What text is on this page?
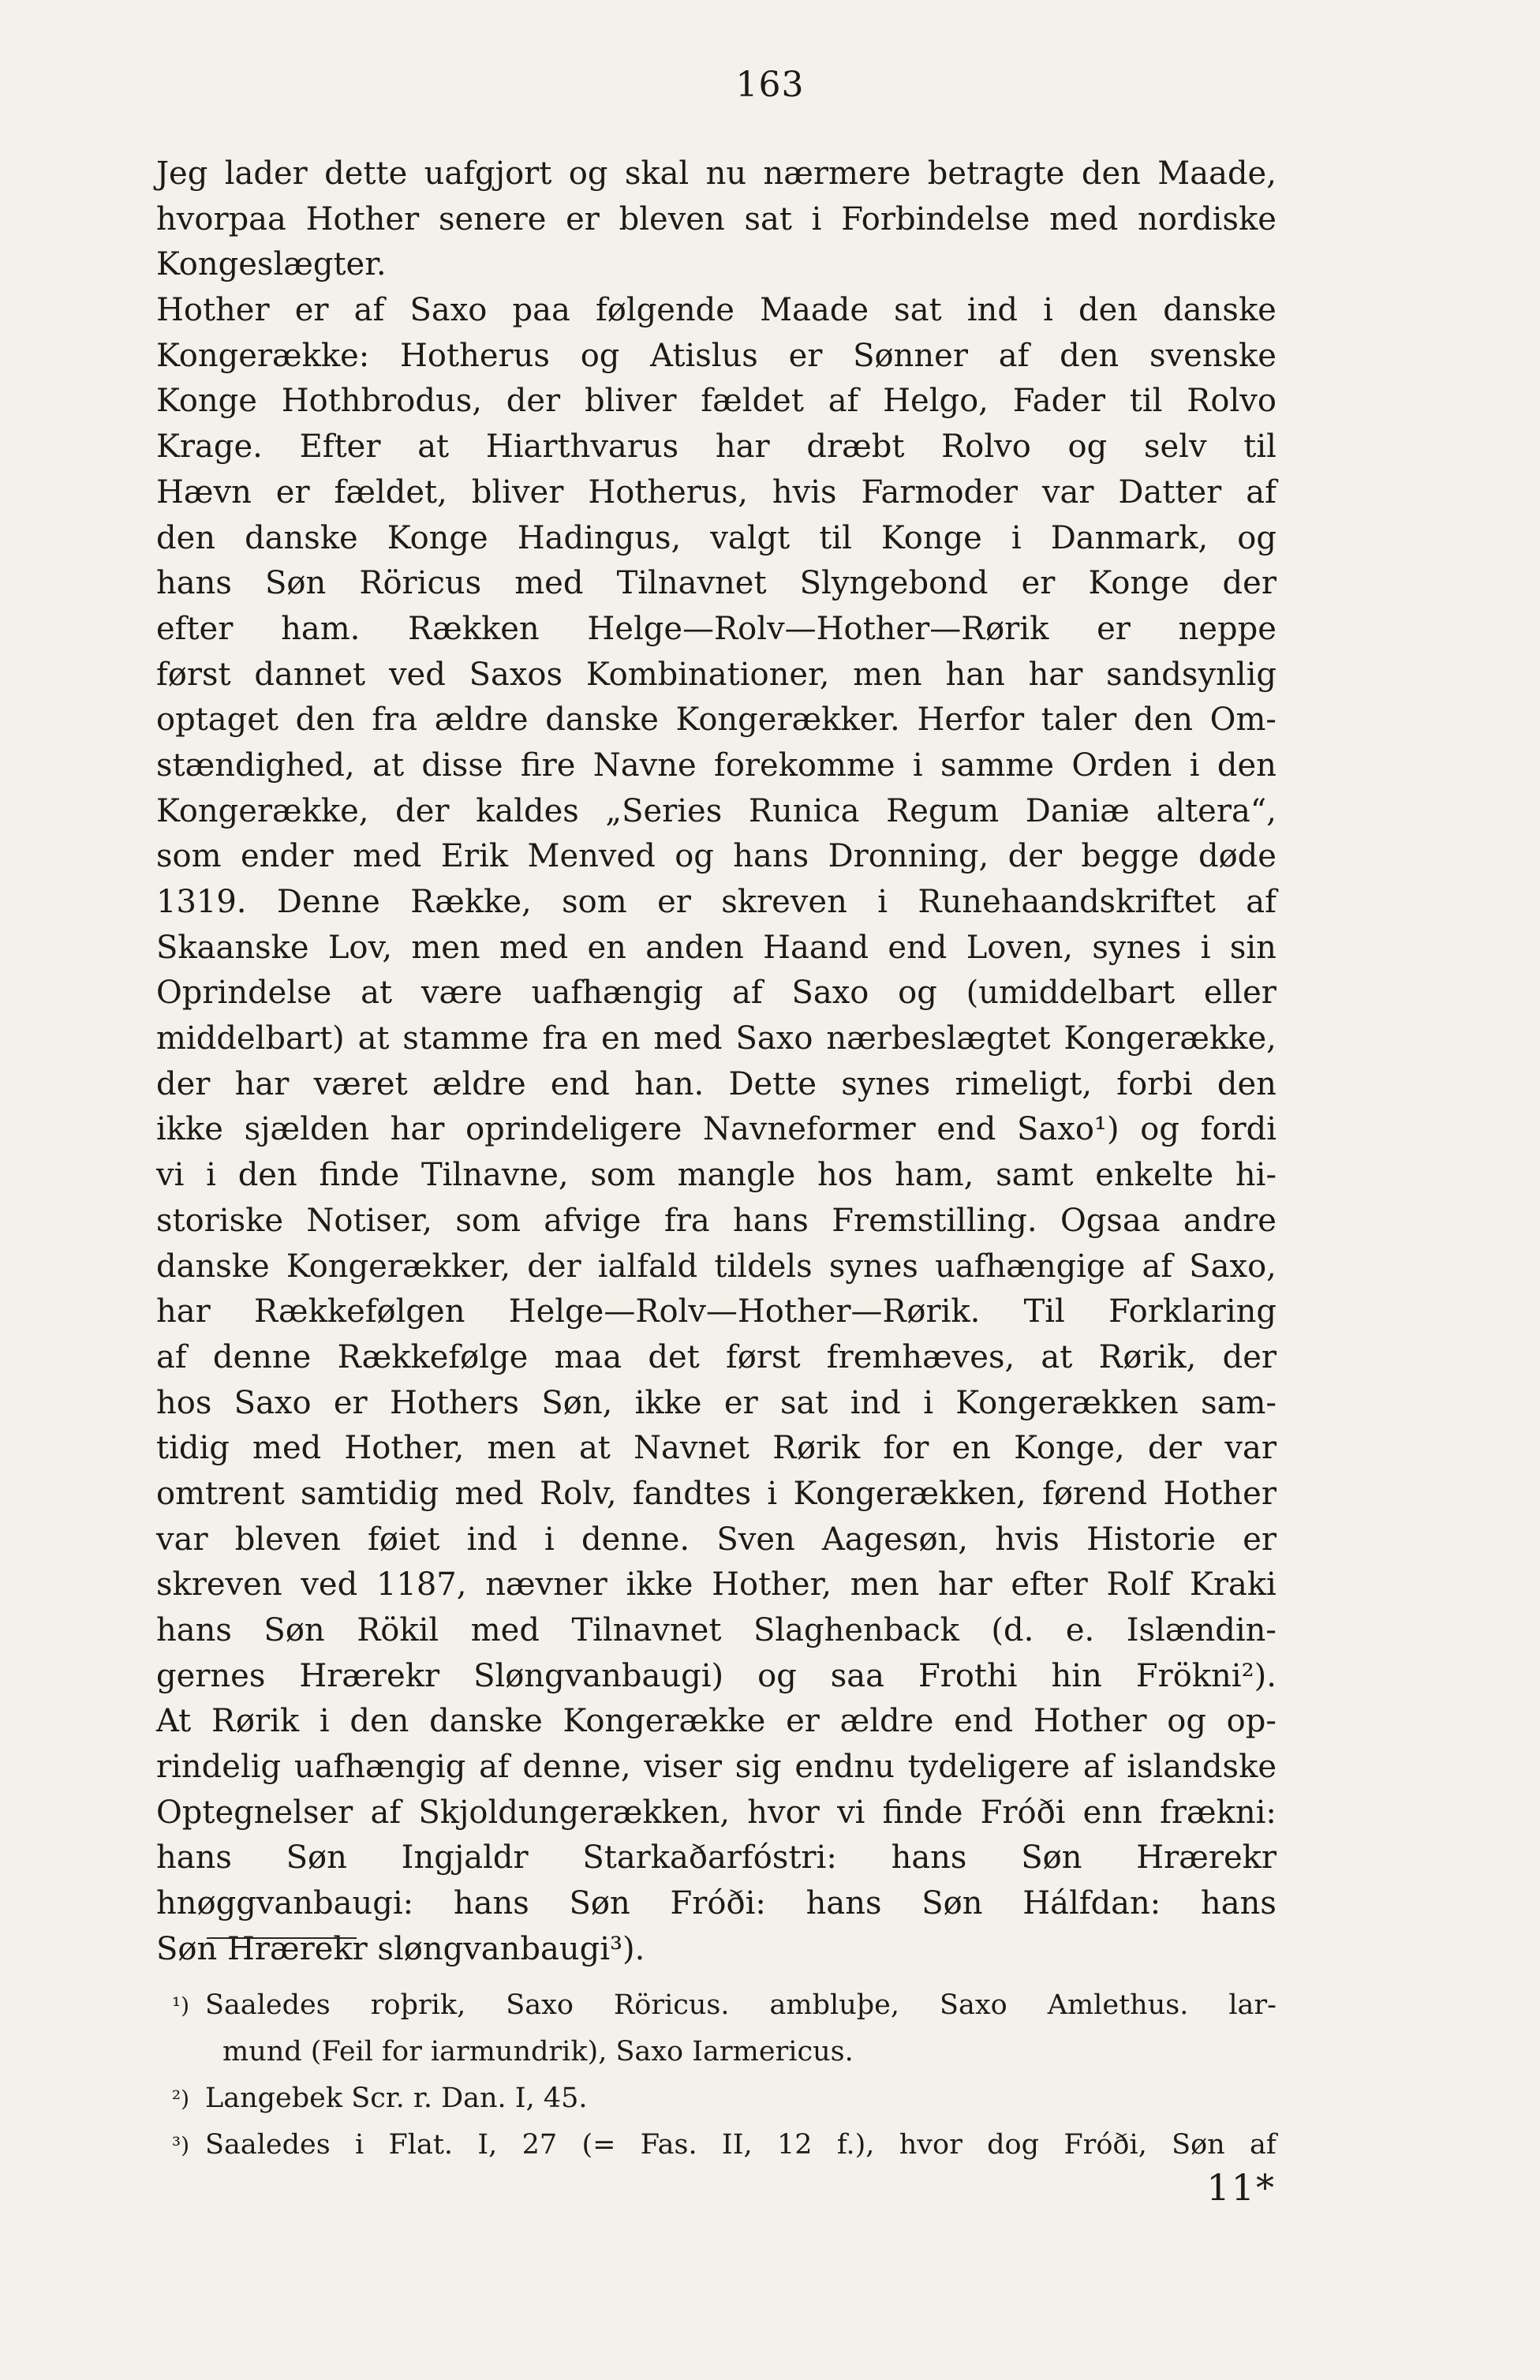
163
Jeg lader dette uafgjort og skal nu nærmere betragte den Maade,
hvorpaa Hother senere er bleven sat i Forbindelse med nordiske
Kongeslægter.
Hother er af Saxo paa følgende Maade sat ind i den danske
Kongerække: Hotherus og Atislus er Sønner af den svenske
Konge Hothbrodus, der bliver fældet af Helgo, Fader til Rolvo
Krage. Efter at Hiarthvarus har dræbt Rolvo og selv til
Hævn er fældet, bliver Hotherus, hvis Farmoder var Datter af
den danske Konge Hadingus, valgt til Konge i Danmark, og
hans Søn Röricus med Tilnavnet Slyngebond er Konge der
efter ham. Rækken Helge—Rolv—Hother—Rørik er neppe
først dannet ved Saxos Kombinationer, men han har sandsynlig
optaget den fra ældre danske Kongerækker. Herfor taler den Om-
stændighed, at disse fire Navne forekomme i samme Orden i den
Kongerække, der kaldes „Series Runica Regum Daniæ altera“,
som ender med Erik Menved og hans Dronning, der begge døde
1319. Denne Række, som er skreven i Runehaandskriftet af
Skaanske Lov, men med en anden Haand end Loven, synes i sin
Oprindelse at være uafhængig af Saxo og (umiddelbart eller
middelbart) at stamme fra en med Saxo nærbeslægtet Kongerække,
der har været ældre end han. Dette synes rimeligt, forbi den
ikke sjælden har oprindeligere Navneformer end Saxo¹) og fordi
vi i den finde Tilnavne, som mangle hos ham, samt enkelte hi-
storiske Notiser, som afvige fra hans Fremstilling. Ogsaa andre
danske Kongerækker, der ialfald tildels synes uafhængige af Saxo,
har Rækkefølgen Helge—Rolv—Hother—Rørik. Til Forklaring
af denne Rækkefølge maa det først fremhæves, at Rørik, der
hos Saxo er Hothers Søn, ikke er sat ind i Kongerækken sam-
tidig med Hother, men at Navnet Rørik for en Konge, der var
omtrent samtidig med Rolv, fandtes i Kongerækken, førend Hother
var bleven føiet ind i denne. Sven Aagesøn, hvis Historie er
skreven ved 1187, nævner ikke Hother, men har efter Rolf Kraki
hans Søn Rökil med Tilnavnet Slaghenback (d. e. Islændin-
gernes Hrærekr Sløngvanbaugi) og saa Frothi hin Frökni²).
At Rørik i den danske Kongerække er ældre end Hother og op-
rindelig uafhængig af denne, viser sig endnu tydeligere af islandske
Optegnelser af Skjoldungerækken, hvor vi finde Fróði enn frækni:
hans Søn Ingjaldr Starkaðarfóstri: hans Søn Hrærekr
hnøggvanbaugi: hans Søn Fróði: hans Søn Hálfdan: hans
Søn Hrærekr sløngvanbaugi³).
¹) Saaledes roþrik, Saxo Röricus. ambluþe, Saxo Amlethus. lar-
mund (Feil for iarmundrik), Saxo Iarmericus.
²) Langebek Scr. r. Dan. I, 45.
³) Saaledes i Flat. I, 27 (= Fas. II, 12 f.), hvor dog Fróði, Søn af
11*
